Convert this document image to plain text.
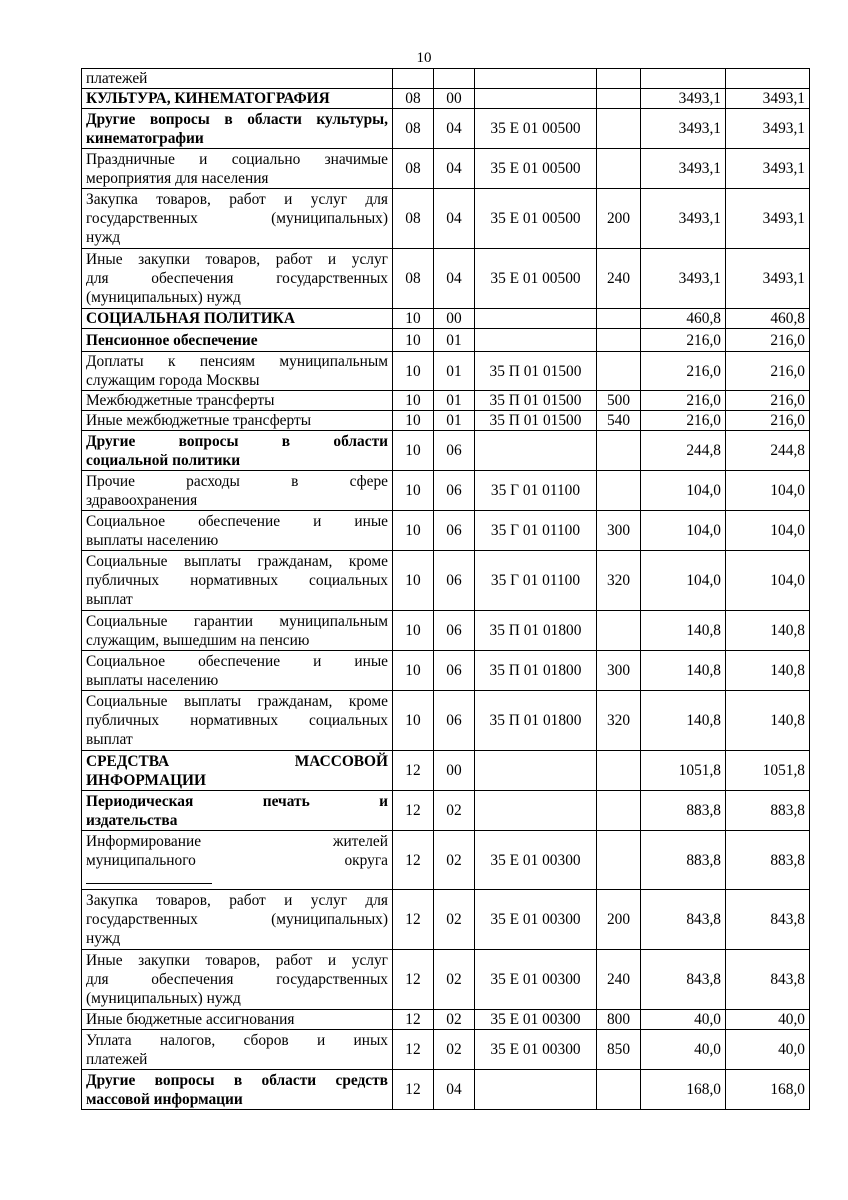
10
платежей						

КУЛЬТУРА, КИНЕМАТОГРАФИЯ	08	00			3493,1	3493,1

Другие вопросы в области культуры,
кинематографии	08	04	35 Е 01 00500		3493,1	3493,1

Праздничные и социально значимые
мероприятия для населения	08	04	35 Е 01 00500		3493,1	3493,1

Закупка товаров, работ и услуг для
государственных (муниципальных)
нужд	08	04	35 Е 01 00500	200	3493,1	3493,1

Иные закупки товаров, работ и услуг
для обеспечения государственных
(муниципальных) нужд	08	04	35 Е 01 00500	240	3493,1	3493,1

СОЦИАЛЬНАЯ ПОЛИТИКА	10	00			460,8	460,8

Пенсионное обеспечение	10	01			216,0	216,0

Доплаты к пенсиям муниципальным
служащим города Москвы	10	01	35 П 01 01500		216,0	216,0

Межбюджетные трансферты	10	01	35 П 01 01500	500	216,0	216,0

Иные межбюджетные трансферты	10	01	35 П 01 01500	540	216,0	216,0

Другие вопросы в области
социальной политики	10	06			244,8	244,8

Прочие расходы в сфере
здравоохранения	10	06	35 Г 01 01100		104,0	104,0

Социальное обеспечение и иные
выплаты населению	10	06	35 Г 01 01100	300	104,0	104,0

Социальные выплаты гражданам, кроме
публичных нормативных социальных
выплат	10	06	35 Г 01 01100	320	104,0	104,0

Социальные гарантии муниципальным
служащим, вышедшим на пенсию	10	06	35 П 01 01800		140,8	140,8

Социальное обеспечение и иные
выплаты населению	10	06	35 П 01 01800	300	140,8	140,8

Социальные выплаты гражданам, кроме
публичных нормативных социальных
выплат	10	06	35 П 01 01800	320	140,8	140,8

СРЕДСТВА МАССОВОЙ
ИНФОРМАЦИИ	12	00			1051,8	1051,8

Периодическая печать и
издательства	12	02			883,8	883,8

Информирование жителей
муниципального округа	12	02	35 Е 01 00300		883,8	883,8

Закупка товаров, работ и услуг для
государственных (муниципальных)
нужд	12	02	35 Е 01 00300	200	843,8	843,8

Иные закупки товаров, работ и услуг
для обеспечения государственных
(муниципальных) нужд	12	02	35 Е 01 00300	240	843,8	843,8

Иные бюджетные ассигнования	12	02	35 Е 01 00300	800	40,0	40,0

Уплата налогов, сборов и иных
платежей	12	02	35 Е 01 00300	850	40,0	40,0

Другие вопросы в области средств
массовой информации	12	04			168,0	168,0
